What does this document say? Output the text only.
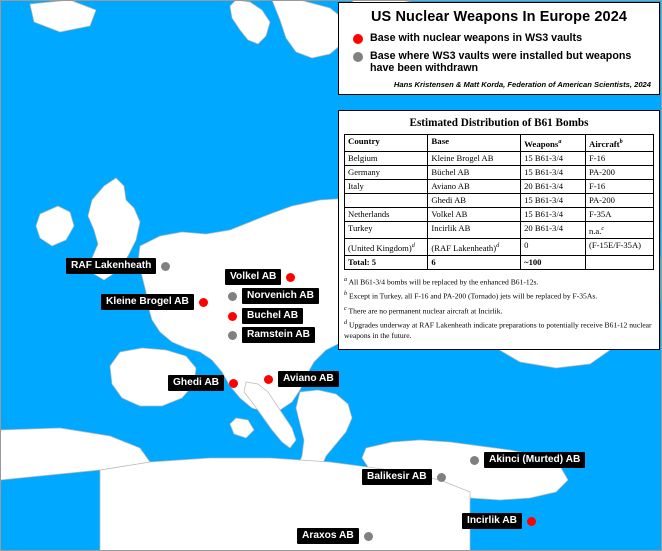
US Nuclear Weapons In Europe 2024
Base with nuclear weapons in WS3 vaults
Base where WS3 vaults were installed but weapons have been withdrawn
Hans Kristensen & Matt Korda, Federation of American Scientists, 2024
Estimated Distribution of B61 Bombs
Country	Base	Weapons$^a$	Aircraft$^b$
Belgium	Kleine Brogel AB	15 B61-3/4	F-16
Germany	Büchel AB	15 B61-3/4	PA-200
Italy	Aviano AB	20 B61-3/4	F-16
	Ghedi AB	15 B61-3/4	PA-200
Netherlands	Volkel AB	15 B61-3/4	F-35A
Turkey	Incirlik AB	20 B61-3/4	n.a.$^c$
(United Kingdom)$^d$	(RAF Lakenheath)$^d$	0	(F-15E/F-35A)
Total: 5	6	~100	
$^a$ All B61-3/4 bombs will be replaced by the enhanced B61-12s.
$^b$ Except in Turkey, all F-16 and PA-200 (Tornado) jets will be replaced by F-35As.
$^c$ There are no permanent nuclear aircraft at Incirlik.
$^d$ Upgrades underway at RAF Lakenheath indicate preparations to potentially receive B61-12 nuclear weapons in the future.
RAF Lakenheath
Volkel AB
Kleine Brogel AB
Norvenich AB
Buchel AB
Ramstein AB
Ghedi AB	Aviano AB
Akinci (Murted) AB
Balikesir AB
Incirlik AB
Araxos AB
